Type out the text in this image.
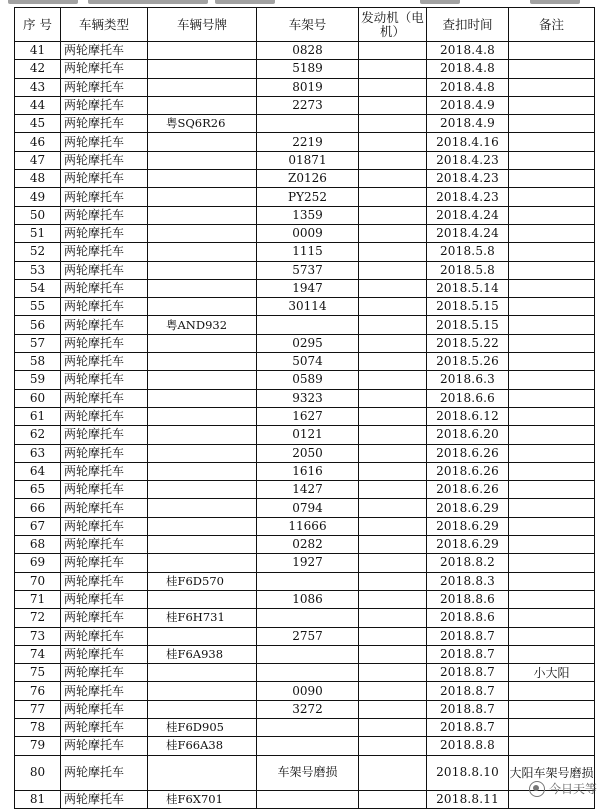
序 号	车辆类型	车辆号牌	车架号	发动机（电机）	查扣时间	备注
41	两轮摩托车		0828		2018.4.8	
42	两轮摩托车		5189		2018.4.8	
43	两轮摩托车		8019		2018.4.8	
44	两轮摩托车		2273		2018.4.9	
45	两轮摩托车	粤SQ6R26			2018.4.9	
46	两轮摩托车		2219		2018.4.16	
47	两轮摩托车		01871		2018.4.23	
48	两轮摩托车		Z0126		2018.4.23	
49	两轮摩托车		PY252		2018.4.23	
50	两轮摩托车		1359		2018.4.24	
51	两轮摩托车		0009		2018.4.24	
52	两轮摩托车		1115		2018.5.8	
53	两轮摩托车		5737		2018.5.8	
54	两轮摩托车		1947		2018.5.14	
55	两轮摩托车		30114		2018.5.15	
56	两轮摩托车	粤AND932			2018.5.15	
57	两轮摩托车		0295		2018.5.22	
58	两轮摩托车		5074		2018.5.26	
59	两轮摩托车		0589		2018.6.3	
60	两轮摩托车		9323		2018.6.6	
61	两轮摩托车		1627		2018.6.12	
62	两轮摩托车		0121		2018.6.20	
63	两轮摩托车		2050		2018.6.26	
64	两轮摩托车		1616		2018.6.26	
65	两轮摩托车		1427		2018.6.26	
66	两轮摩托车		0794		2018.6.29	
67	两轮摩托车		11666		2018.6.29	
68	两轮摩托车		0282		2018.6.29	
69	两轮摩托车		1927		2018.8.2	
70	两轮摩托车	桂F6D570			2018.8.3	
71	两轮摩托车		1086		2018.8.6	
72	两轮摩托车	桂F6H731			2018.8.6	
73	两轮摩托车		2757		2018.8.7	
74	两轮摩托车	桂F6A938			2018.8.7	
75	两轮摩托车				2018.8.7	小大阳
76	两轮摩托车		0090		2018.8.7	
77	两轮摩托车		3272		2018.8.7	
78	两轮摩托车	桂F6D905			2018.8.7	
79	两轮摩托车	桂F66A38			2018.8.8	
80	两轮摩托车		车架号磨损		2018.8.10	大阳车架号磨损
81	两轮摩托车	桂F6X701			2018.8.11	
今日天等
